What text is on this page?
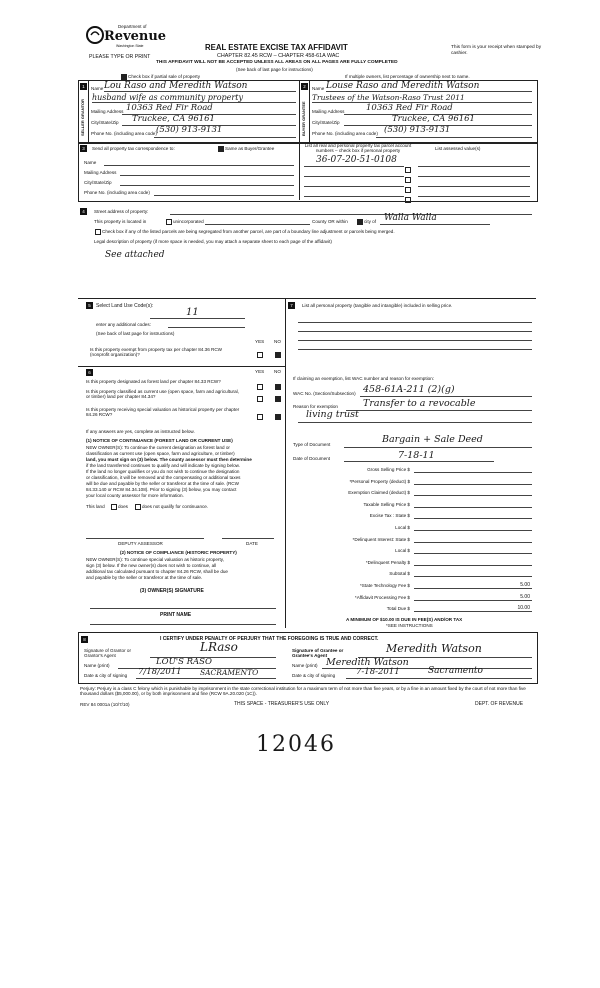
Department of
Revenue
Washington State
PLEASE TYPE OR PRINT
REAL ESTATE EXCISE TAX AFFIDAVIT
CHAPTER 82.45 RCW – CHAPTER 458-61A WAC
THIS AFFIDAVIT WILL NOT BE ACCEPTED UNLESS ALL AREAS ON ALL PAGES ARE FULLY COMPLETED
(See back of last page for instructions)
This form is your receipt when stamped by cashier.
Check box if partial sale of property	If multiple owners, list percentage of ownership next to name.
1
SELLER GRANTOR
Name Lou Raso and Meredith Watson
husband wife as community property
Mailing Address 10363 Red Fir Road
City/State/Zip Truckee, CA 96161
Phone No. (including area code) (530) 913-9131
2
BUYER GRANTEE
Name Louse Raso and Meredith Watson
Trustees of the Watson-Raso Trust 2011
Mailing Address	10363 Red Fir Road
City/State/Zip	Truckee, CA 96161
Phone No. (including area code) (530) 913-9131
3	Send all property tax correspondence to:	Same as Buyer/Grantee
List all real and personal property tax parcel account numbers – check box if personal property	List assessed value(s)
Name
Mailing Address
City/State/Zip
Phone No. (including area code)
36-07-20-51-0108
4	Street address of property:
This property is located in	unincorporated	County OR within	city of Walla Walla
Check box if any of the listed parcels are being segregated from another parcel, are part of a boundary line adjustment or parcels being merged.
Legal description of property (if more space is needed, you may attach a separate sheet to each page of the affidavit)
See attached
5	Select Land Use Code(s):
11
enter any additional codes:
(See back of last page for instructions)
YES NO
Is this property exempt from property tax per chapter 84.36 RCW (nonprofit organization)?
6	YES NO
Is this property designated as forest land per chapter 84.33 RCW?
Is this property classified as current use (open space, farm and agricultural, or timber) land per chapter 84.34?
Is this property receiving special valuation as historical property per chapter 84.26 RCW?
If any answers are yes, complete as instructed below.
(1) NOTICE OF CONTINUANCE (FOREST LAND OR CURRENT USE)
NEW OWNER(S): To continue the current designation as forest land or
classification as current use (open space, farm and agriculture, or timber)
land, you must sign on (3) below. The county assessor must then determine
if the land transferred continues to qualify and will indicate by signing below.
If the land no longer qualifies or you do not wish to continue the designation
or classification, it will be removed and the compensating or additional taxes
will be due and payable by the seller or transferor at the time of sale. (RCW
84.33.140 or RCW 84.34.108). Prior to signing (3) below, you may contact
your local county assessor for more information.
This land	does	does not qualify for continuance.
DEPUTY ASSESSOR	DATE
(2) NOTICE OF COMPLIANCE (HISTORIC PROPERTY)
NEW OWNER(S): To continue special valuation as historic property,
sign (3) below. If the new owner(s) does not wish to continue, all
additional tax calculated pursuant to chapter 84.26 RCW, shall be due
and payable by the seller or transferor at the time of sale.
(3) OWNER(S) SIGNATURE
PRINT NAME
7	List all personal property (tangible and intangible) included in selling price.
If claiming an exemption, list WAC number and reason for exemption:
WAC No. (Section/Subsection) 458-61A-211 (2)(g)
Reason for exemption	Transfer to a revocable
living trust
Type of Document	Bargain + Sale Deed
Date of Document	7-18-11
Gross Selling Price $
*Personal Property (deduct) $
Exemption Claimed (deduct) $
Taxable Selling Price $
Excise Tax : State $
Local $
*Delinquent Interest: State $
Local $
*Delinquent Penalty $
Subtotal $
*State Technology Fee $	5.00
*Affidavit Processing Fee $	5.00
Total Due $	10.00
A MINIMUM OF $10.00 IS DUE IN FEE(S) AND/OR TAX
*SEE INSTRUCTIONS
8	I CERTIFY UNDER PENALTY OF PERJURY THAT THE FOREGOING IS TRUE AND CORRECT.
Signature of Grantor or Grantor's Agent
LRaso
Name (print)	LOU'S RASO
Date & city of signing 7/18/2011 SACRAMENTO
Signature of Grantee or Grantee's Agent
Meredith Watson
Name (print) Meredith Watson
Date & city of signing 7-18-2011	Sacramento
Perjury: Perjury is a class C felony which is punishable by imprisonment in the state correctional institution for a maximum term of not more than five years, or by a fine in an amount fixed by the court of not more than five thousand dollars ($5,000.00), or by both imprisonment and fine (RCW 9A.20.020 (1C)).
REV 84 0001a (10/7/10)	THIS SPACE - TREASURER'S USE ONLY	DEPT. OF REVENUE
12046
